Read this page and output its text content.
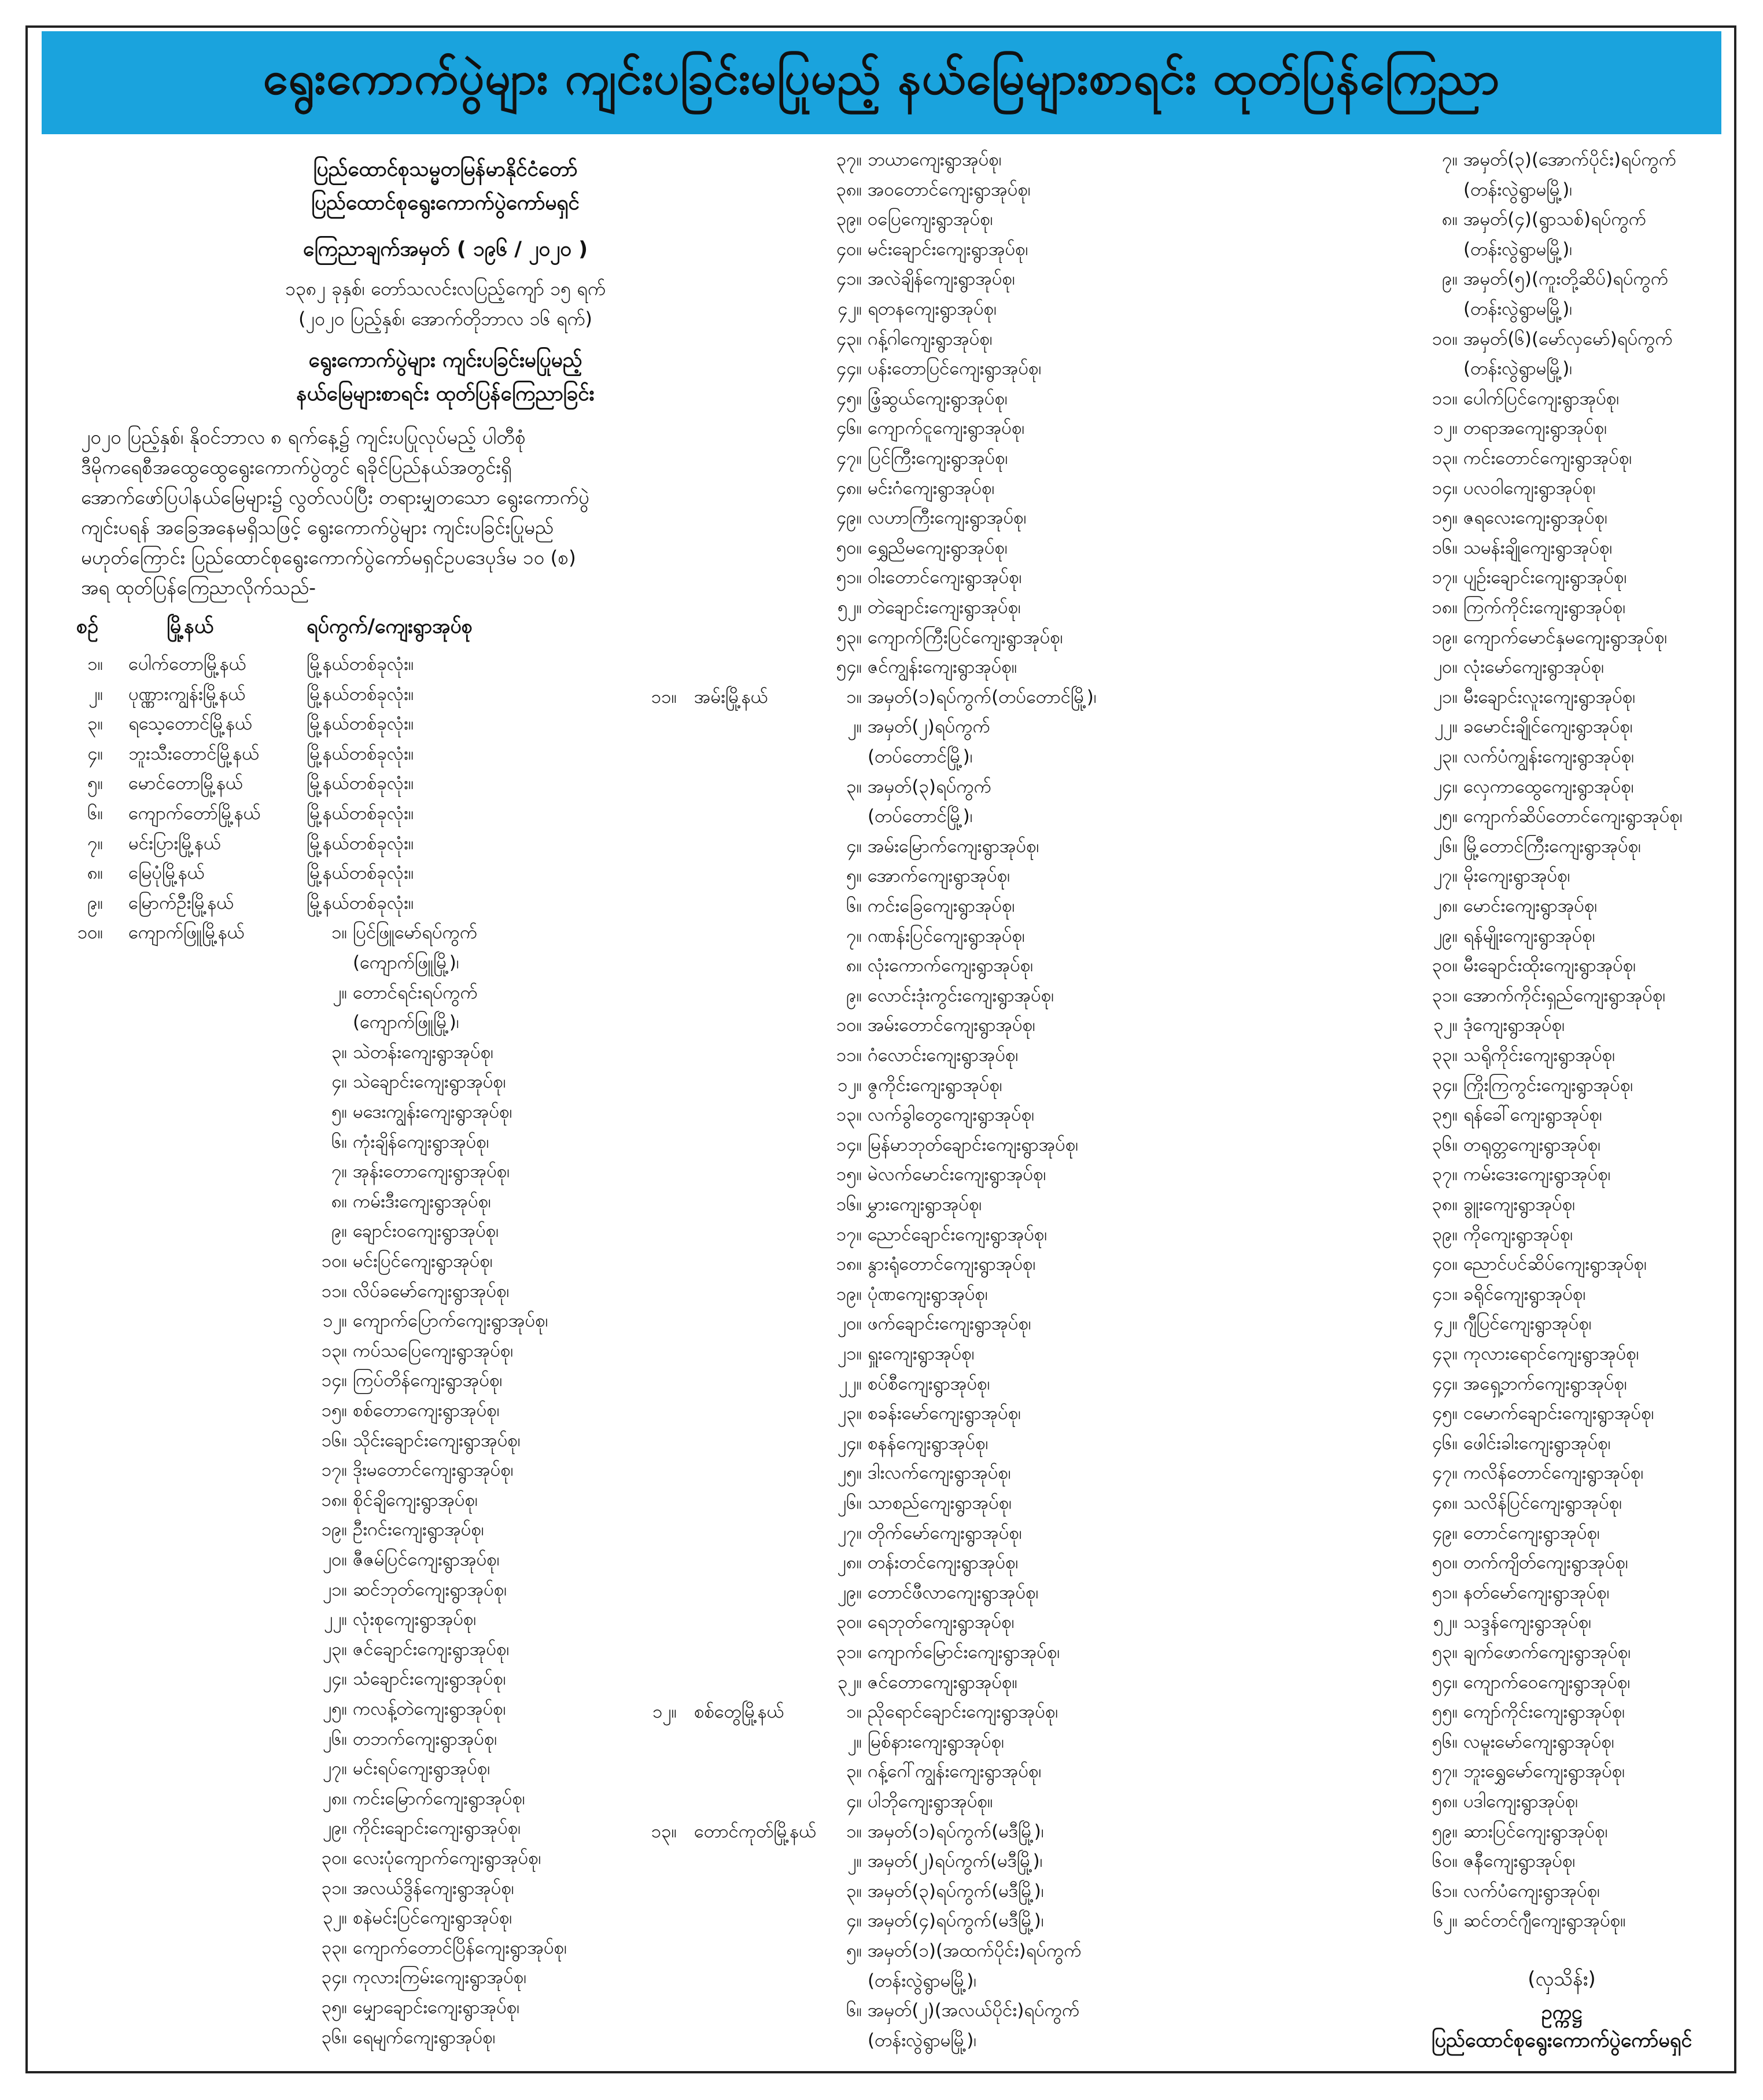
ရွေးကောက်ပွဲများ ကျင်းပခြင်းမပြုမည့် နယ်မြေများစာရင်း ထုတ်ပြန်ကြေညာ
ပြည်ထောင်စုသမ္မတမြန်မာနိုင်ငံတော်
ပြည်ထောင်စုရွေးကောက်ပွဲကော်မရှင်
ကြေညာချက်အမှတ် ( ၁၉၆ / ၂၀၂၀ )
၁၃၈၂ ခုနှစ်၊ တော်သလင်းလပြည့်ကျော် ၁၅ ရက်
(၂၀၂၀ ပြည့်နှစ်၊ အောက်တိုဘာလ ၁၆ ရက်)
ရွေးကောက်ပွဲများ ကျင်းပခြင်းမပြုမည့်
နယ်မြေများစာရင်း ထုတ်ပြန်ကြေညာခြင်း
၂၀၂၀ ပြည့်နှစ်၊ နိုဝင်ဘာလ ၈ ရက်နေ့၌ ကျင်းပပြုလုပ်မည့် ပါတီစုံ
ဒီမိုကရေစီအထွေထွေရွေးကောက်ပွဲတွင် ရခိုင်ပြည်နယ်အတွင်းရှိ
အောက်ဖော်ပြပါနယ်မြေများ၌ လွတ်လပ်ပြီး တရားမျှတသော ရွေးကောက်ပွဲ
ကျင်းပရန် အခြေအနေမရှိသဖြင့် ရွေးကောက်ပွဲများ ကျင်းပခြင်းပြုမည်
မဟုတ်ကြောင်း ပြည်ထောင်စုရွေးကောက်ပွဲကော်မရှင်ဥပဒေပုဒ်မ ၁၀ (စ)
အရ ထုတ်ပြန်ကြေညာလိုက်သည်-
စဉ်	မြို့နယ်	ရပ်ကွက်/ကျေးရွာအုပ်စု
၁။ ပေါက်တောမြို့နယ်	မြို့နယ်တစ်ခုလုံး။
၂။ ပုဏ္ဏားကျွန်းမြို့နယ်	မြို့နယ်တစ်ခုလုံး။
၃။ ရသေ့တောင်မြို့နယ်	မြို့နယ်တစ်ခုလုံး။
၄။ ဘူးသီးတောင်မြို့နယ်	မြို့နယ်တစ်ခုလုံး။
၅။ မောင်တောမြို့နယ်	မြို့နယ်တစ်ခုလုံး။
၆။ ကျောက်တော်မြို့နယ်	မြို့နယ်တစ်ခုလုံး။
၇။ မင်းပြားမြို့နယ်	မြို့နယ်တစ်ခုလုံး။
၈။ မြေပုံမြို့နယ်	မြို့နယ်တစ်ခုလုံး။
၉။ မြောက်ဦးမြို့နယ်	မြို့နယ်တစ်ခုလုံး။
၁၀။ ကျောက်ဖြူမြို့နယ်	၁။ ပြင်ဖြူမော်ရပ်ကွက်
(ကျောက်ဖြူမြို့)၊
၂။ တောင်ရင်းရပ်ကွက်
(ကျောက်ဖြူမြို့)၊
၃။ သဲတန်းကျေးရွာအုပ်စု၊
၄။ သဲချောင်းကျေးရွာအုပ်စု၊
၅။ မဒေးကျွန်းကျေးရွာအုပ်စု၊
၆။ ကုံးချိန်ကျေးရွာအုပ်စု၊
၇။ အုန်းတောကျေးရွာအုပ်စု၊
၈။ ကမ်းဒီးကျေးရွာအုပ်စု၊
၉။ ချောင်းဝကျေးရွာအုပ်စု၊
၁၀။ မင်းပြင်ကျေးရွာအုပ်စု၊
၁၁။ လိပ်ခမော်ကျေးရွာအုပ်စု၊
၁၂။ ကျောက်ပြောက်ကျေးရွာအုပ်စု၊
၁၃။ ကပ်သပြေကျေးရွာအုပ်စု၊
၁၄။ ကြပ်တိန်ကျေးရွာအုပ်စု၊
၁၅။ စစ်တောကျေးရွာအုပ်စု၊
၁၆။ သိုင်းချောင်းကျေးရွာအုပ်စု၊
၁၇။ ဒိုးမတောင်ကျေးရွာအုပ်စု၊
၁၈။ စိုင်ချိကျေးရွာအုပ်စု၊
၁၉။ ဦးဂင်းကျေးရွာအုပ်စု၊
၂၀။ ဇီဇမ်ပြင်ကျေးရွာအုပ်စု၊
၂၁။ ဆင်ဘုတ်ကျေးရွာအုပ်စု၊
၂၂။ လုံးစုကျေးရွာအုပ်စု၊
၂၃။ ဇင်ချောင်းကျေးရွာအုပ်စု၊
၂၄။ သံချောင်းကျေးရွာအုပ်စု၊
၂၅။ ကလန့်တဲကျေးရွာအုပ်စု၊
၂၆။ တဘက်ကျေးရွာအုပ်စု၊
၂၇။ မင်းရပ်ကျေးရွာအုပ်စု၊
၂၈။ ကင်းမြောက်ကျေးရွာအုပ်စု၊
၂၉။ ကိုင်းချောင်းကျေးရွာအုပ်စု၊
၃၀။ လေးပုံကျောက်ကျေးရွာအုပ်စု၊
၃၁။ အလယ်ဒွိန်ကျေးရွာအုပ်စု၊
၃၂။ စနဲမင်းပြင်ကျေးရွာအုပ်စု၊
၃၃။ ကျောက်တောင်ပြိန်ကျေးရွာအုပ်စု၊
၃၄။ ကုလားကြမ်းကျေးရွာအုပ်စု၊
၃၅။ မျှောချောင်းကျေးရွာအုပ်စု၊
၃၆။ ရေမျက်ကျေးရွာအုပ်စု၊
၃၇။ ဘယာကျေးရွာအုပ်စု၊
၃၈။ အဝတောင်ကျေးရွာအုပ်စု၊
၃၉။ ဝပြေကျေးရွာအုပ်စု၊
၄၀။ မင်းချောင်းကျေးရွာအုပ်စု၊
၄၁။ အလဲချိန်ကျေးရွာအုပ်စု၊
၄၂။ ရတနကျေးရွာအုပ်စု၊
၄၃။ ဂန့်ဂါကျေးရွာအုပ်စု၊
၄၄။ ပန်းတောပြင်ကျေးရွာအုပ်စု၊
၄၅။ ဖြံ့ဆွယ်ကျေးရွာအုပ်စု၊
၄၆။ ကျောက်ငူကျေးရွာအုပ်စု၊
၄၇။ ပြင်ကြီးကျေးရွာအုပ်စု၊
၄၈။ မင်းဂံကျေးရွာအုပ်စု၊
၄၉။ လဟာကြီးကျေးရွာအုပ်စု၊
၅၀။ ရွှေညိမကျေးရွာအုပ်စု၊
၅၁။ ဝါးတောင်ကျေးရွာအုပ်စု၊
၅၂။ တဲချောင်းကျေးရွာအုပ်စု၊
၅၃။ ကျောက်ကြီးပြင်ကျေးရွာအုပ်စု၊
၅၄။ ဇင်ကျွန်းကျေးရွာအုပ်စု။
၁၁။ အမ်းမြို့နယ်	၁။ အမှတ်(၁)ရပ်ကွက်(တပ်တောင်မြို့)၊
၂။ အမှတ်(၂)ရပ်ကွက်
(တပ်တောင်မြို့)၊
၃။ အမှတ်(၃)ရပ်ကွက်
(တပ်တောင်မြို့)၊
၄။ အမ်းမြောက်ကျေးရွာအုပ်စု၊
၅။ အောက်ကျေးရွာအုပ်စု၊
၆။ ကင်းခြေကျေးရွာအုပ်စု၊
၇။ ဂဏန်းပြင်ကျေးရွာအုပ်စု၊
၈။ လုံးကောက်ကျေးရွာအုပ်စု၊
၉။ လောင်းဒုံးကွင်းကျေးရွာအုပ်စု၊
၁၀။ အမ်းတောင်ကျေးရွာအုပ်စု၊
၁၁။ ဂံလောင်းကျေးရွာအုပ်စု၊
၁၂။ ဇွကိုင်းကျေးရွာအုပ်စု၊
၁၃။ လက်ခွါတွေကျေးရွာအုပ်စု၊
၁၄။ မြန်မာဘုတ်ချောင်းကျေးရွာအုပ်စု၊
၁၅။ မဲလက်မောင်းကျေးရွာအုပ်စု၊
၁၆။ မွှားကျေးရွာအုပ်စု၊
၁၇။ ညောင်ချောင်းကျေးရွာအုပ်စု၊
၁၈။ နွားရုံတောင်ကျေးရွာအုပ်စု၊
၁၉။ ပုံဏကျေးရွာအုပ်စု၊
၂၀။ ဖက်ချောင်းကျေးရွာအုပ်စု၊
၂၁။ ရှူးကျေးရွာအုပ်စု၊
၂၂။ စပ်စီကျေးရွာအုပ်စု၊
၂၃။ စခန်းမော်ကျေးရွာအုပ်စု၊
၂၄။ စနန်ကျေးရွာအုပ်စု၊
၂၅။ ဒါးလက်ကျေးရွာအုပ်စု၊
၂၆။ သာစည်ကျေးရွာအုပ်စု၊
၂၇။ တိုက်မော်ကျေးရွာအုပ်စု၊
၂၈။ တန်းတင်ကျေးရွာအုပ်စု၊
၂၉။ တောင်ဖီလာကျေးရွာအုပ်စု၊
၃၀။ ရေဘုတ်ကျေးရွာအုပ်စု၊
၃၁။ ကျောက်မြောင်းကျေးရွာအုပ်စု၊
၃၂။ ဇင်တောကျေးရွာအုပ်စု။
၁၂။ စစ်တွေမြို့နယ်	၁။ ညိုရောင်ချောင်းကျေးရွာအုပ်စု၊
၂။ မြစ်နားကျေးရွာအုပ်စု၊
၃။ ဂန့်ဂေါ်ကျွန်းကျေးရွာအုပ်စု၊
၄။ ပါဘိုကျေးရွာအုပ်စု။
၁၃။ တောင်ကုတ်မြို့နယ်	၁။ အမှတ်(၁)ရပ်ကွက်(မဒီမြို့)၊
၂။ အမှတ်(၂)ရပ်ကွက်(မဒီမြို့)၊
၃။ အမှတ်(၃)ရပ်ကွက်(မဒီမြို့)၊
၄။ အမှတ်(၄)ရပ်ကွက်(မဒီမြို့)၊
၅။ အမှတ်(၁)(အထက်ပိုင်း)ရပ်ကွက်
(တန်းလွဲရွာမမြို့)၊
၆။ အမှတ်(၂)(အလယ်ပိုင်း)ရပ်ကွက်
(တန်းလွဲရွာမမြို့)၊
၇။ အမှတ်(၃)(အောက်ပိုင်း)ရပ်ကွက်
(တန်းလွဲရွာမမြို့)၊
၈။ အမှတ်(၄)(ရွာသစ်)ရပ်ကွက်
(တန်းလွဲရွာမမြို့)၊
၉။ အမှတ်(၅)(ကူးတို့ဆိပ်)ရပ်ကွက်
(တန်းလွဲရွာမမြို့)၊
၁၀။ အမှတ်(၆)(မော်လှမော်)ရပ်ကွက်
(တန်းလွဲရွာမမြို့)၊
၁၁။ ပေါက်ပြင်ကျေးရွာအုပ်စု၊
၁၂။ တရာအကျေးရွာအုပ်စု၊
၁၃။ ကင်းတောင်ကျေးရွာအုပ်စု၊
၁၄။ ပလဝါကျေးရွာအုပ်စု၊
၁၅။ ဇရလေးကျေးရွာအုပ်စု၊
၁၆။ သမန်းချိုကျေးရွာအုပ်စု၊
၁၇။ ပျဉ်းချောင်းကျေးရွာအုပ်စု၊
၁၈။ ကြက်ကိုင်းကျေးရွာအုပ်စု၊
၁၉။ ကျောက်မောင်နှမကျေးရွာအုပ်စု၊
၂၀။ လုံးမော်ကျေးရွာအုပ်စု၊
၂၁။ မီးချောင်းလူးကျေးရွာအုပ်စု၊
၂၂။ ခမောင်းချိုင်ကျေးရွာအုပ်စု၊
၂၃။ လက်ပံကျွန်းကျေးရွာအုပ်စု၊
၂၄။ လှေကာထွေကျေးရွာအုပ်စု၊
၂၅။ ကျောက်ဆိပ်တောင်ကျေးရွာအုပ်စု၊
၂၆။ မြို့တောင်ကြီးကျေးရွာအုပ်စု၊
၂၇။ မိုးကျေးရွာအုပ်စု၊
၂၈။ မောင်းကျေးရွာအုပ်စု၊
၂၉။ ရန်မျိုးကျေးရွာအုပ်စု၊
၃၀။ မီးချောင်းထိုးကျေးရွာအုပ်စု၊
၃၁။ အောက်ကိုင်းရှည်ကျေးရွာအုပ်စု၊
၃၂။ ဒုံကျေးရွာအုပ်စု၊
၃၃။ သရိုကိုင်းကျေးရွာအုပ်စု၊
၃၄။ ကြိုးကြကွင်းကျေးရွာအုပ်စု၊
၃၅။ ရန်ခေါ်ကျေးရွာအုပ်စု၊
၃၆။ တရုတ္တကျေးရွာအုပ်စု၊
၃၇။ ကမ်းဒေးကျေးရွာအုပ်စု၊
၃၈။ ခွူးကျေးရွာအုပ်စု၊
၃၉။ ကိုကျေးရွာအုပ်စု၊
၄၀။ ညောင်ပင်ဆိပ်ကျေးရွာအုပ်စု၊
၄၁။ ခရိုင်ကျေးရွာအုပ်စု၊
၄၂။ ဂျီပြင်ကျေးရွာအုပ်စု၊
၄၃။ ကုလားရောင်ကျေးရွာအုပ်စု၊
၄၄။ အရှေ့ဘက်ကျေးရွာအုပ်စု၊
၄၅။ ငမောက်ချောင်းကျေးရွာအုပ်စု၊
၄၆။ ဖေါင်းခါးကျေးရွာအုပ်စု၊
၄၇။ ကလိန်တောင်ကျေးရွာအုပ်စု၊
၄၈။ သလိန်ပြင်ကျေးရွာအုပ်စု၊
၄၉။ တောင်ကျေးရွာအုပ်စု၊
၅၀။ တက်ကျိတ်ကျေးရွာအုပ်စု၊
၅၁။ နတ်မော်ကျေးရွာအုပ်စု၊
၅၂။ သဒ္ဒန်ကျေးရွာအုပ်စု၊
၅၃။ ချက်ဖောက်ကျေးရွာအုပ်စု၊
၅၄။ ကျောက်ဝေကျေးရွာအုပ်စု၊
၅၅။ ကျော်ကိုင်းကျေးရွာအုပ်စု၊
၅၆။ လမူးမော်ကျေးရွာအုပ်စု၊
၅၇။ ဘူးရွှေမော်ကျေးရွာအုပ်စု၊
၅၈။ ပဒါကျေးရွာအုပ်စု၊
၅၉။ ဆားပြင်ကျေးရွာအုပ်စု၊
၆၀။ ဇနီကျေးရွာအုပ်စု၊
၆၁။ လက်ပံကျေးရွာအုပ်စု၊
၆၂။ ဆင်တင်ဂျီကျေးရွာအုပ်စု။
(လှသိန်း)
ဥက္ကဋ္ဌ
ပြည်ထောင်စုရွေးကောက်ပွဲကော်မရှင်
